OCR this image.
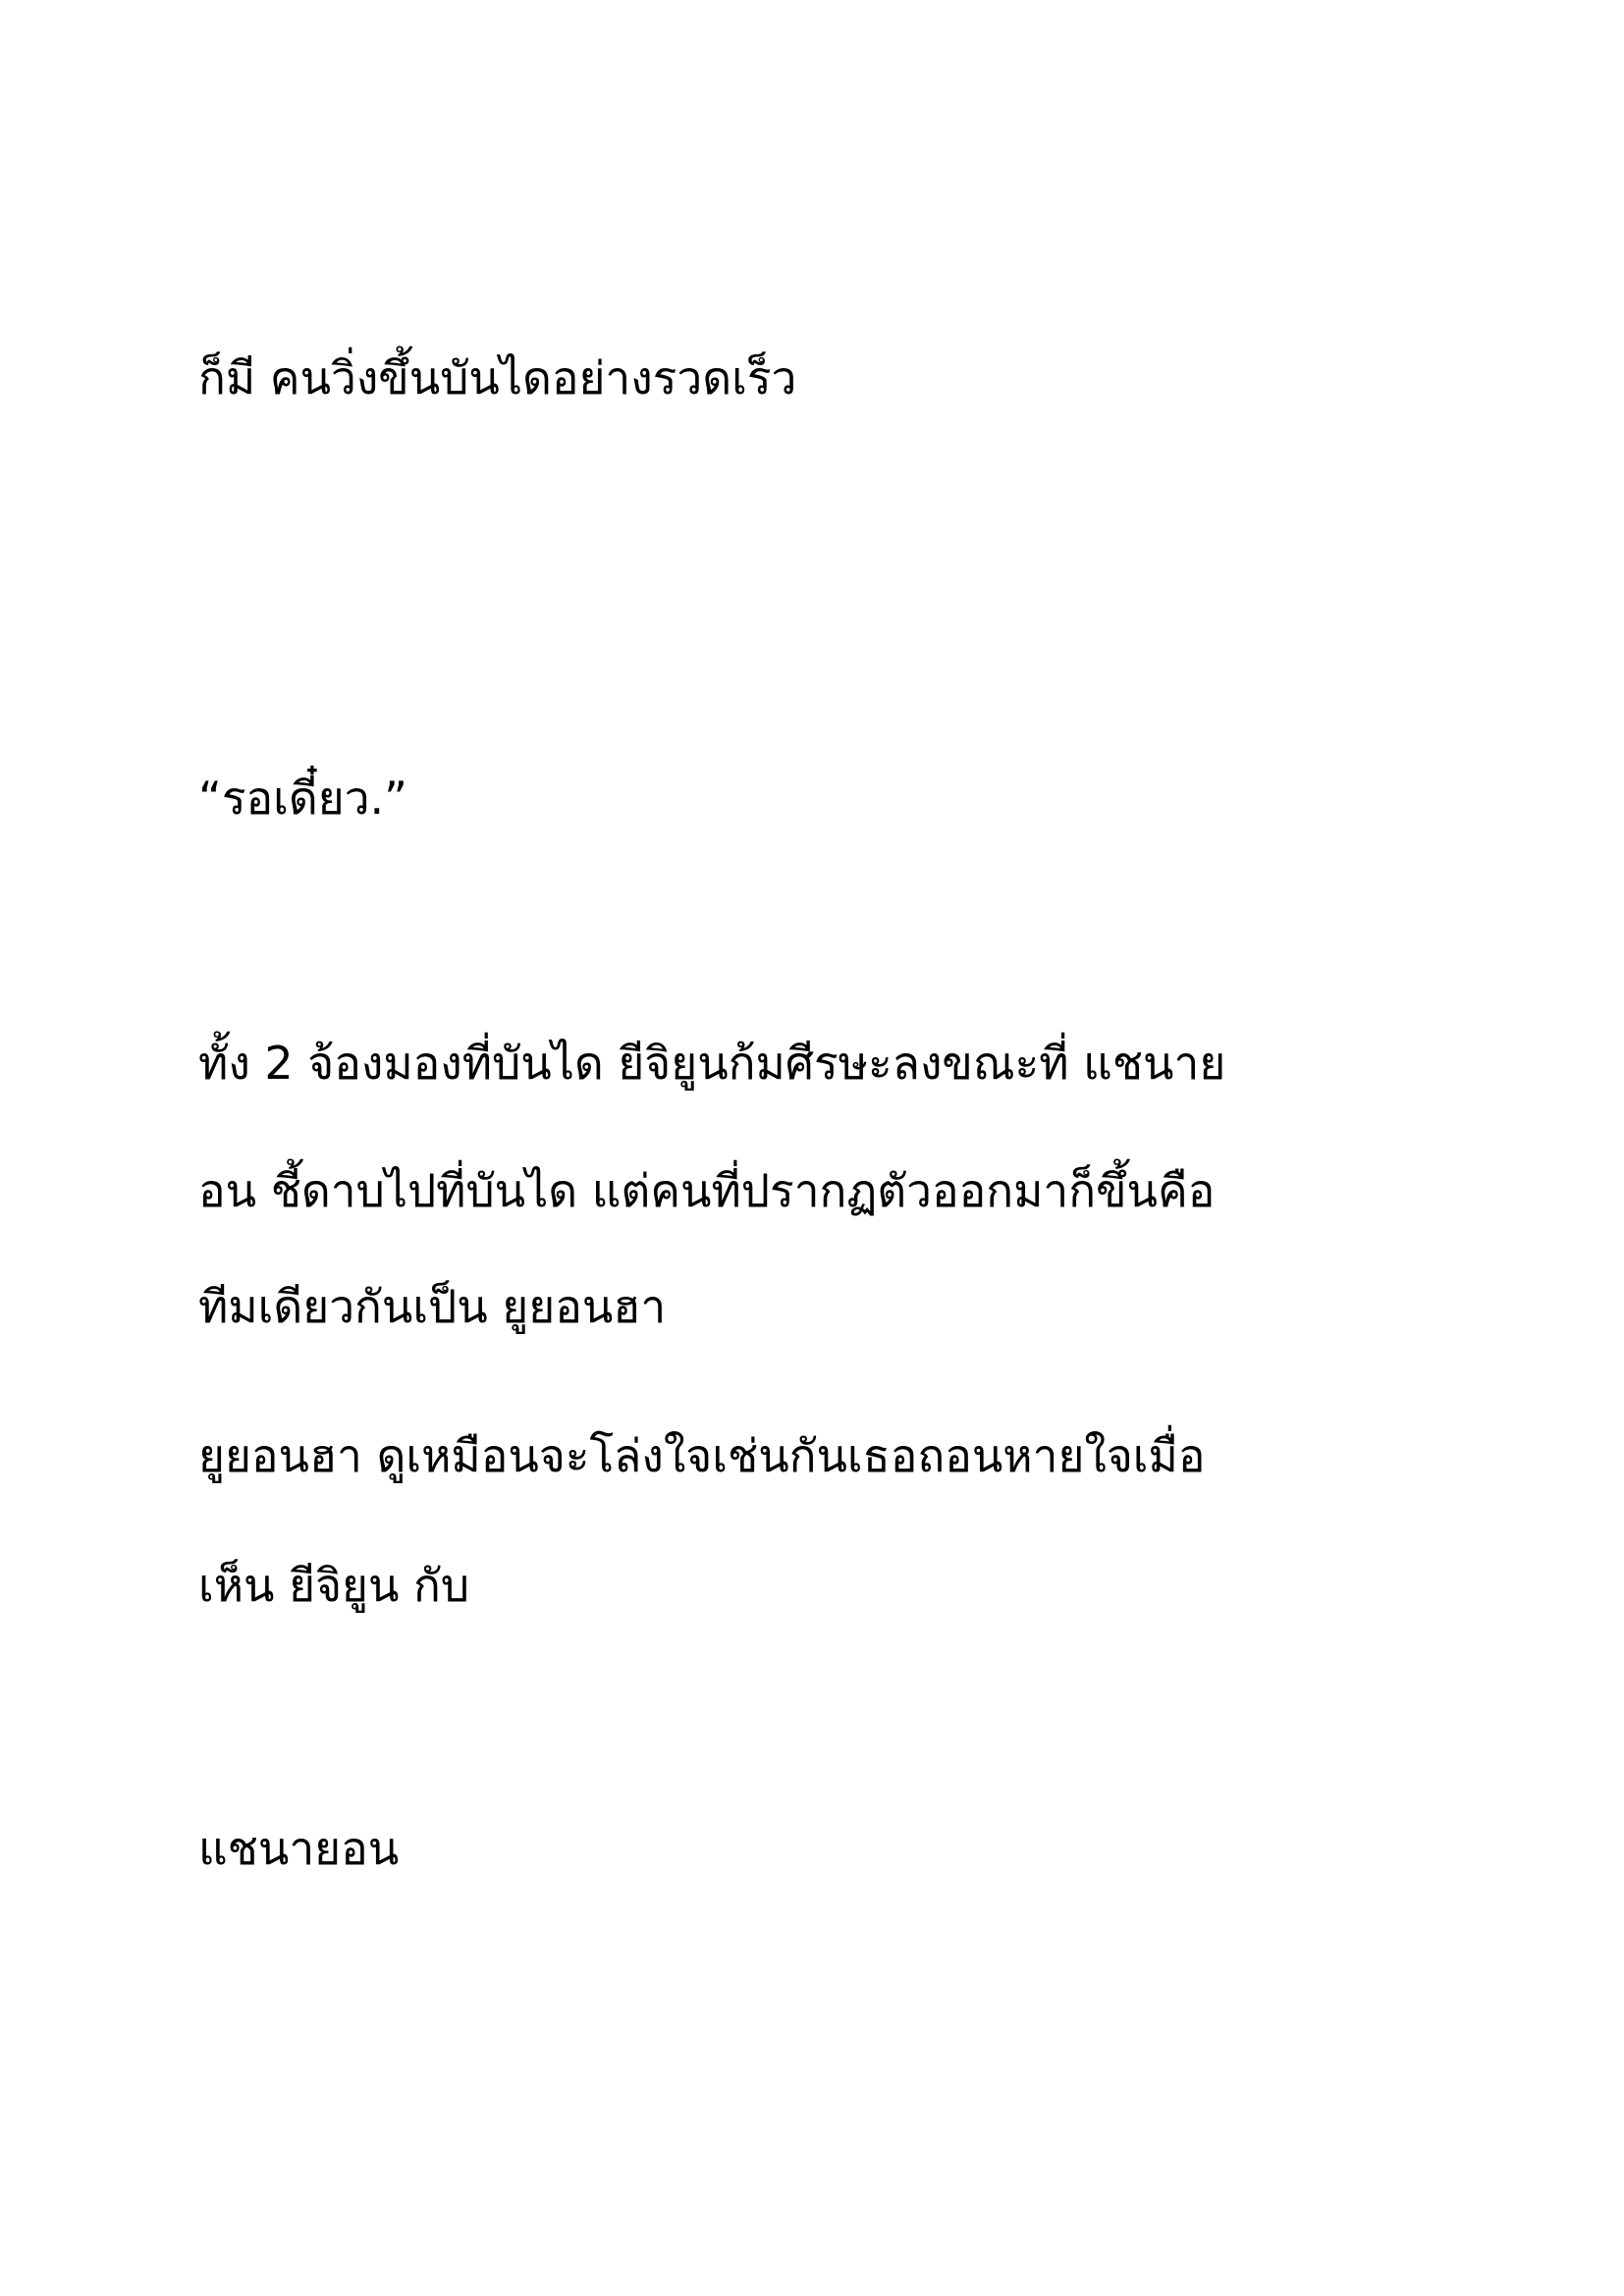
ก็มี คนวิ่งขึ้นบันไดอย่างรวดเร็ว

“รอเดี๋ยว.”

ทั้ง 2 จ้องมองที่บันได ยีจิยูนก้มศีรษะลงขณะที่ แชนาย

อน ชี้ดาบไปที่บันได แต่คนที่ปรากฏตัวออกมาก็ขึ้นคือ

ทีมเดียวกันเป็น ยูยอนฮา

ยูยอนฮา ดูเหมือนจะโล่งใจเช่นกันเธอถอนหายใจเมื่อ

เห็น ยีจิยูน กับ

แชนายอน
